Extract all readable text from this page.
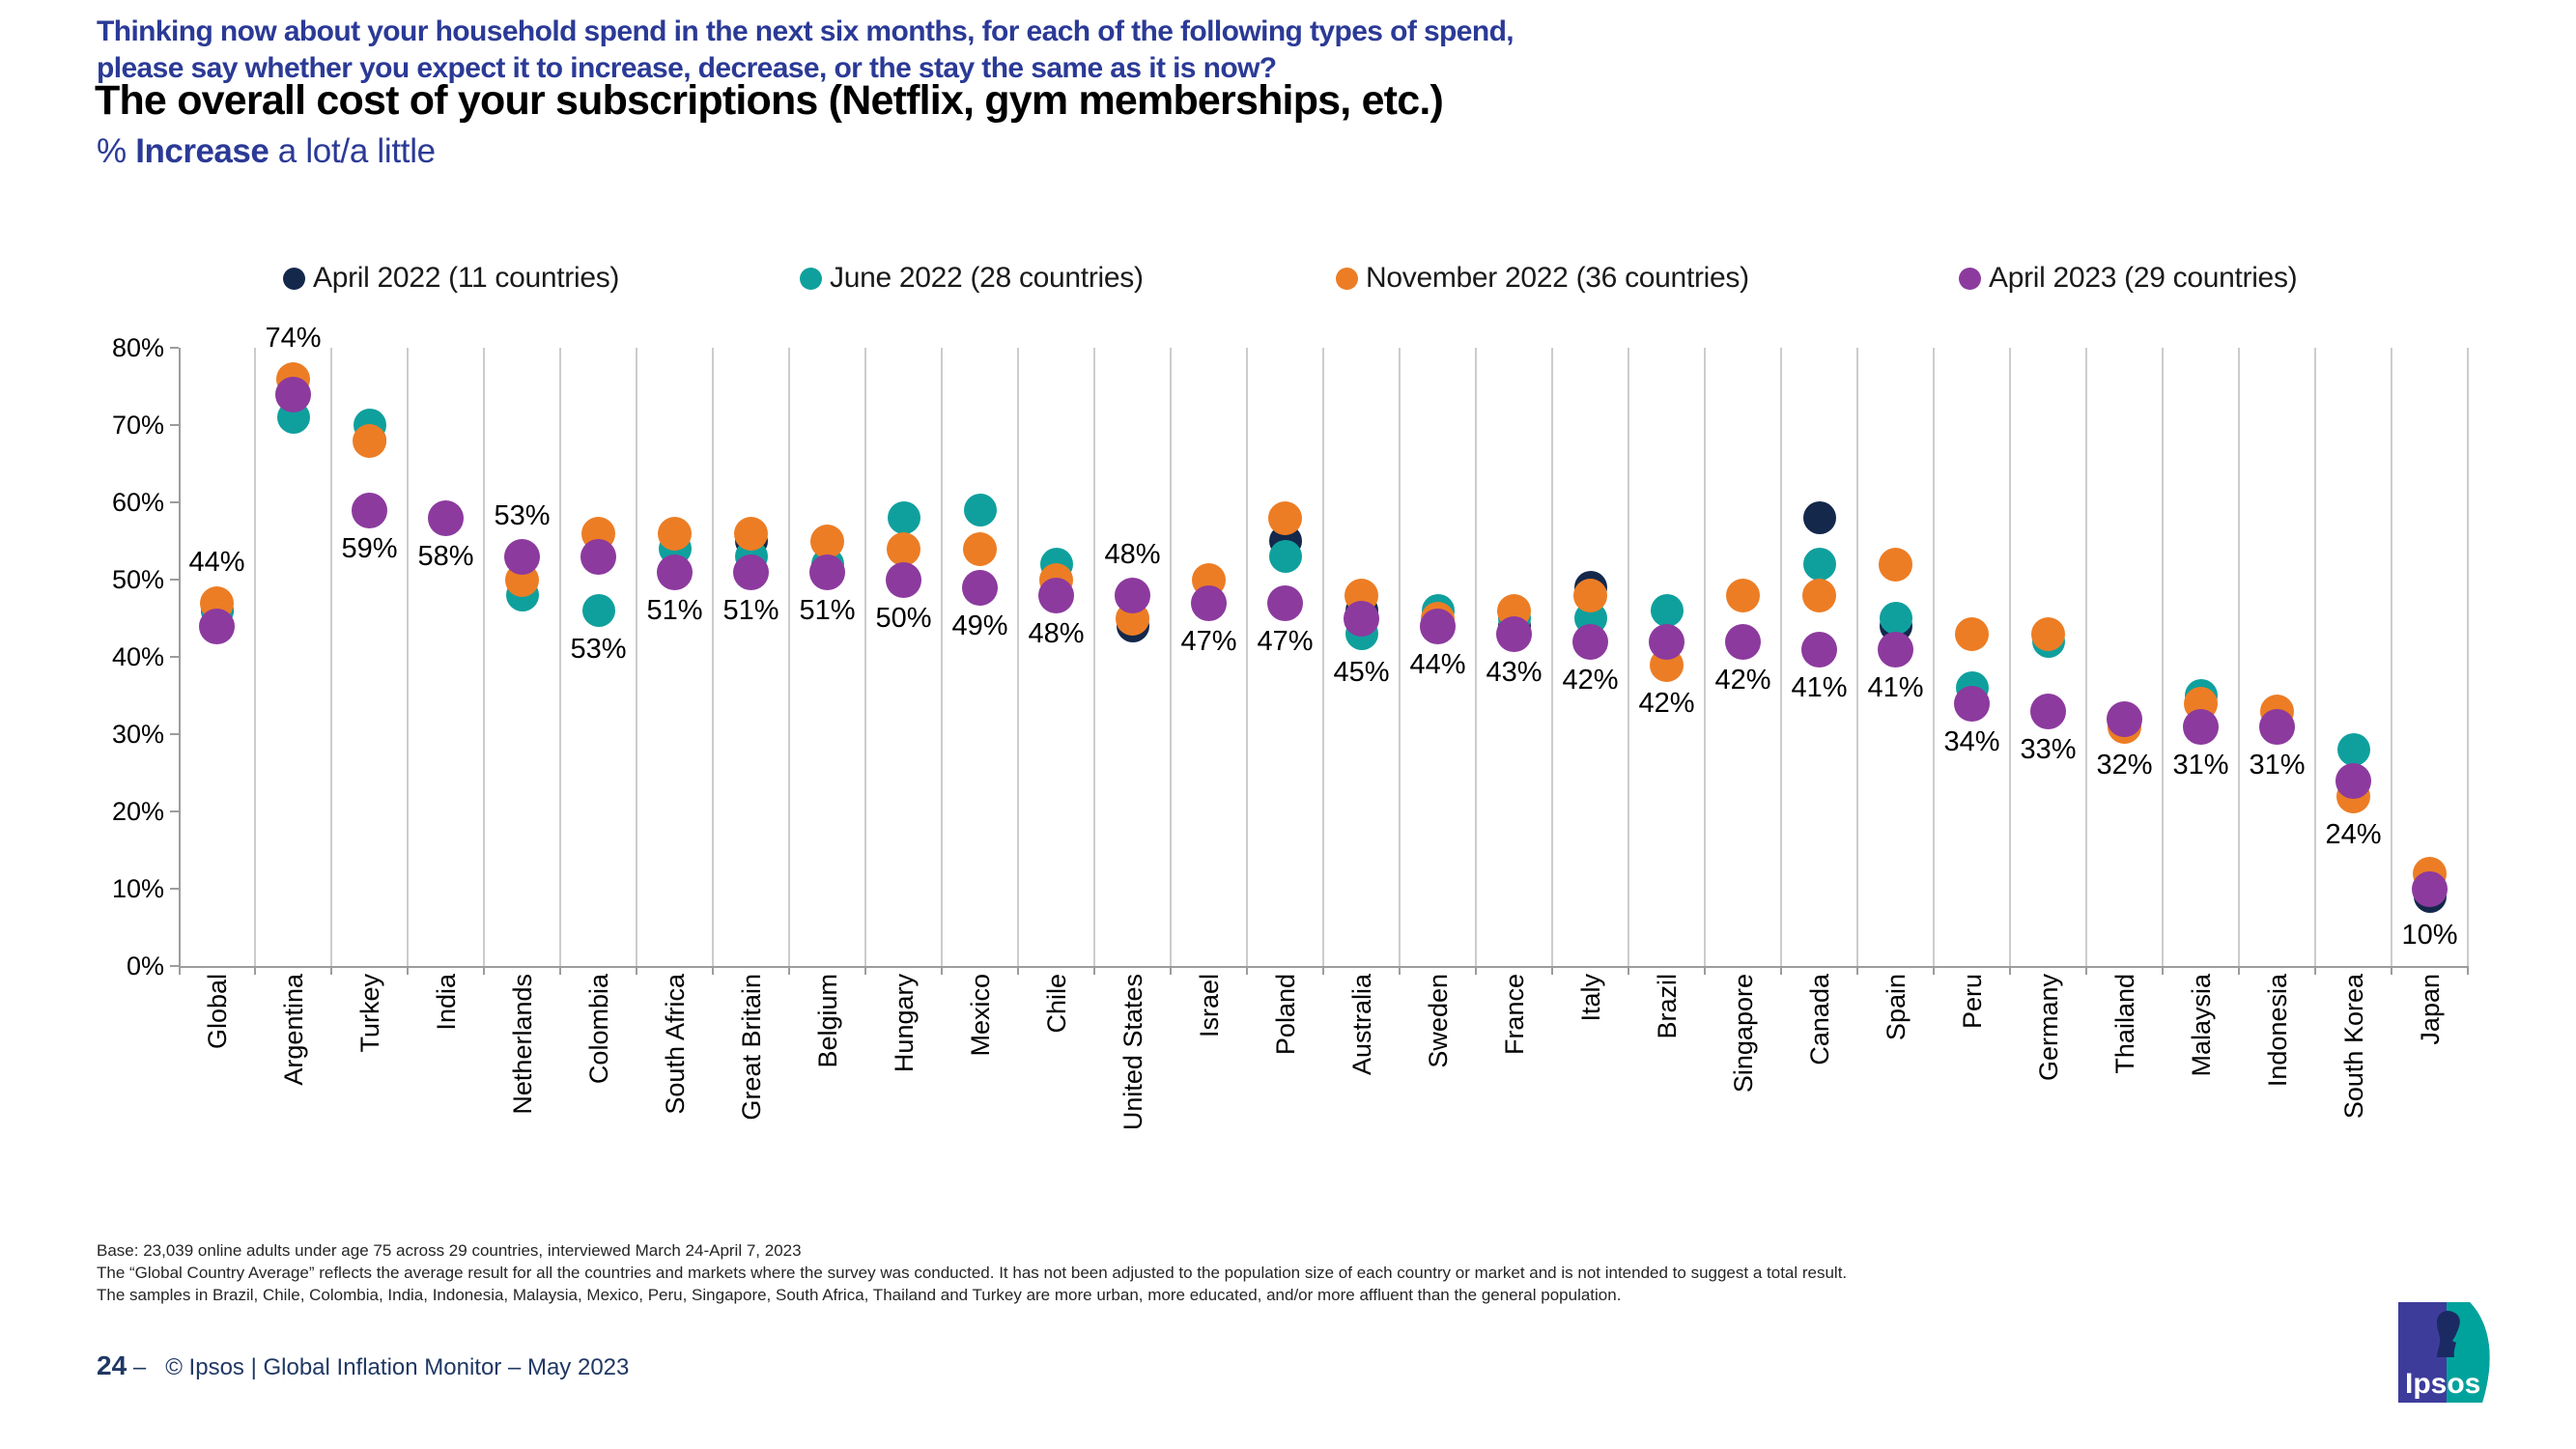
Thinking now about your household spend in the next six months, for each of the following types of spend,
please say whether you expect it to increase, decrease, or the stay the same as it is now?
The overall cost of your subscriptions (Netflix, gym memberships, etc.)
% Increase a lot/a little
April 2022 (11 countries)	June 2022 (28 countries)	November 2022 (36 countries)	April 2023 (29 countries)
0%
10%
20%
30%
40%
50%
60%
70%
80%
44%
Global
74%
Argentina
59%
Turkey
58%
India
53%
Netherlands
53%
Colombia
51%
South Africa
51%
Great Britain
51%
Belgium
50%
Hungary
49%
Mexico
48%
Chile
48%
United States
47%
Israel
47%
Poland
45%
Australia
44%
Sweden
43%
France
42%
Italy
42%
Brazil
42%
Singapore
41%
Canada
41%
Spain
34%
Peru
33%
Germany
32%
Thailand
31%
Malaysia
31%
Indonesia
24%
South Korea
10%
Japan
Base: 23,039 online adults under age 75 across 29 countries, interviewed March 24-April 7, 2023
The “Global Country Average” reflects the average result for all the countries and markets where the survey was conducted. It has not been adjusted to the population size of each country or market and is not intended to suggest a total result.
The samples in Brazil, Chile, Colombia, India, Indonesia, Malaysia, Mexico, Peru, Singapore, South Africa, Thailand and Turkey are more urban, more educated, and/or more affluent than the general population.
24 – © Ipsos | Global Inflation Monitor – May 2023
Ipsos
